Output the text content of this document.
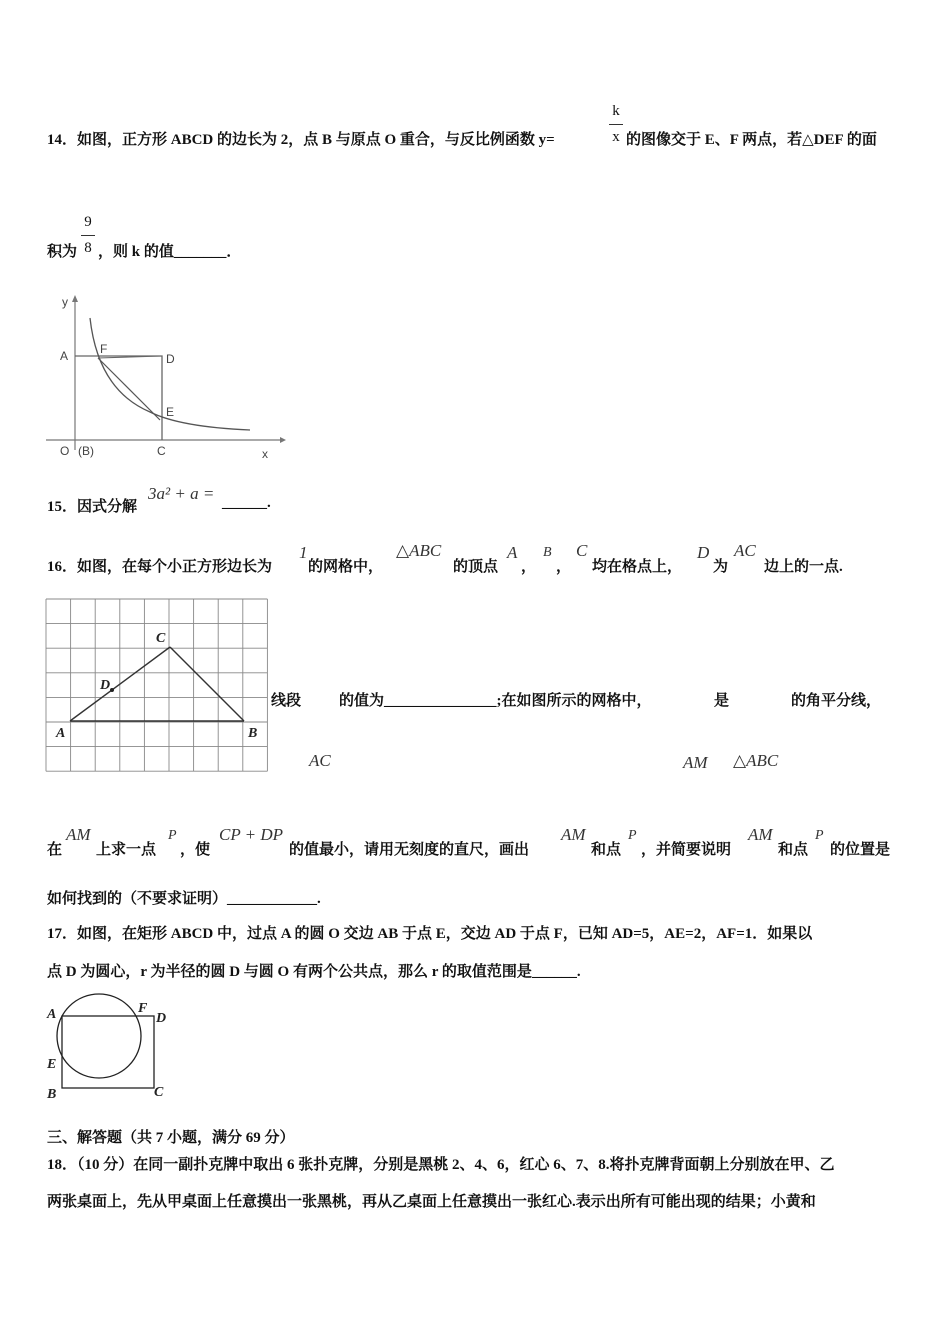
14．如图，正方形 ABCD 的边长为 2，点 B 与原点 O 重合，与反比例函数 y=
k
x 的图像交于 E、F 两点，若△DEF 的面
积为
9
8 ，则 k 的值_______．
y
A	F
D
E
O (B)	C	x
15．因式分解
3a² + a = ______.
16．如图，在每个小正方形边长为
1
的网格中，
△ABC
的顶点
A
，
B
，
C
均在格点上，
D
为
AC
边上的一点.
C
D
A	B
线段	的值为_______________;在如图所示的网格中，	是	的角平分线，
AC	AM △ABC
在
AM
上求一点
P
，使
CP + DP
的值最小，请用无刻度的直尺，画出
AM
和点
P
，并简要说明
AM
和点
P
的位置是
如何找到的（不要求证明）____________.
17．如图，在矩形 ABCD 中，过点 A 的圆 O 交边 AB 于点 E，交边 AD 于点 F，已知 AD=5，AE=2，AF=1．如果以
点 D 为圆心，r 为半径的圆 D 与圆 O 有两个公共点，那么 r 的取值范围是______.
A	F
D
E
B	C
三、解答题（共 7 小题，满分 69 分）
18．（10 分）在同一副扑克牌中取出 6 张扑克牌，分别是黑桃 2、4、6，红心 6、7、8.将扑克牌背面朝上分别放在甲、乙
两张桌面上，先从甲桌面上任意摸出一张黑桃，再从乙桌面上任意摸出一张红心.表示出所有可能出现的结果；小黄和
